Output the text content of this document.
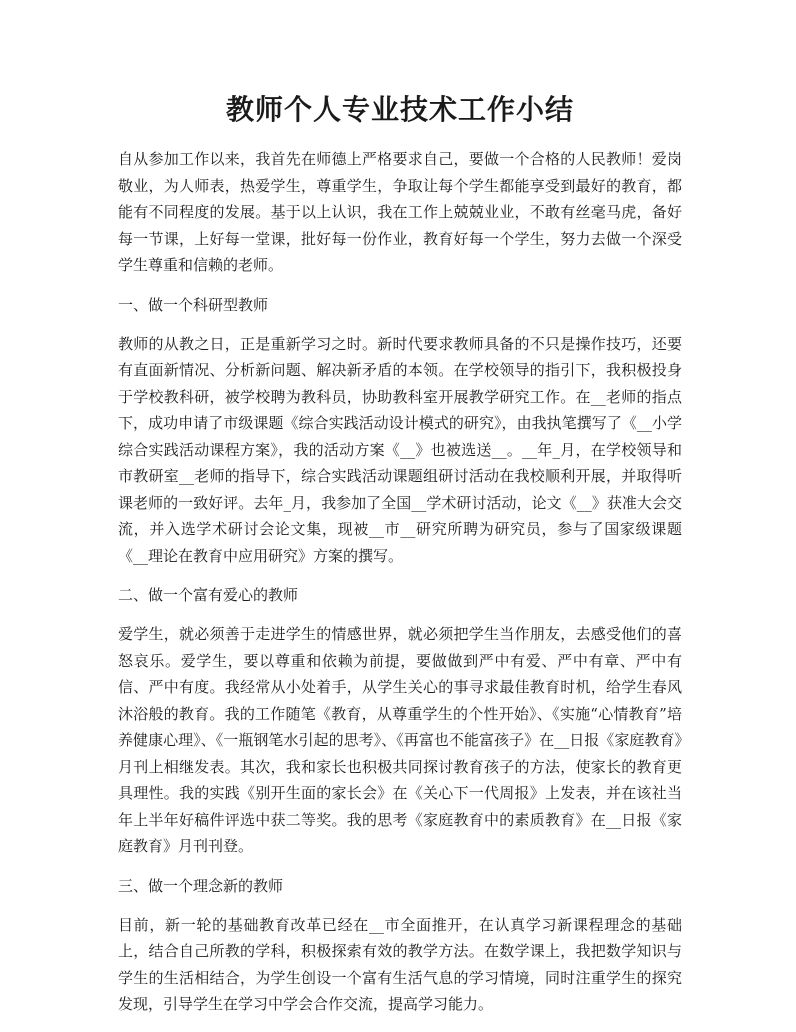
教师个人专业技术工作小结

自从参加工作以来，我首先在师德上严格要求自己，要做一个合格的人民教师！爱岗敬业，为人师表，热爱学生，尊重学生，争取让每个学生都能享受到最好的教育，都能有不同程度的发展。基于以上认识，我在工作上兢兢业业，不敢有丝毫马虎，备好每一节课，上好每一堂课，批好每一份作业，教育好每一个学生，努力去做一个深受学生尊重和信赖的老师。

一、做一个科研型教师

教师的从教之日，正是重新学习之时。新时代要求教师具备的不只是操作技巧，还要有直面新情况、分析新问题、解决新矛盾的本领。在学校领导的指引下，我积极投身于学校教科研，被学校聘为教科员，协助教科室开展教学研究工作。在__老师的指点下，成功申请了市级课题《综合实践活动设计模式的研究》，由我执笔撰写了《__小学综合实践活动课程方案》，我的活动方案《__》也被选送__。__年_月，在学校领导和市教研室__老师的指导下，综合实践活动课题组研讨活动在我校顺利开展，并取得听课老师的一致好评。去年_月，我参加了全国__学术研讨活动，论文《__》获准大会交流，并入选学术研讨会论文集，现被__市__研究所聘为研究员，参与了国家级课题《__理论在教育中应用研究》方案的撰写。

二、做一个富有爱心的教师

爱学生，就必须善于走进学生的情感世界，就必须把学生当作朋友，去感受他们的喜怒哀乐。爱学生，要以尊重和依赖为前提，要做做到严中有爱、严中有章、严中有信、严中有度。我经常从小处着手，从学生关心的事寻求最佳教育时机，给学生春风沐浴般的教育。我的工作随笔《教育，从尊重学生的个性开始》、《实施“心情教育”培养健康心理》、《一瓶钢笔水引起的思考》、《再富也不能富孩子》在__日报《家庭教育》月刊上相继发表。其次，我和家长也积极共同探讨教育孩子的方法，使家长的教育更具理性。我的实践《别开生面的家长会》在《关心下一代周报》上发表，并在该社当年上半年好稿件评选中获二等奖。我的思考《家庭教育中的素质教育》在__日报《家庭教育》月刊刊登。

三、做一个理念新的教师

目前，新一轮的基础教育改革已经在__市全面推开，在认真学习新课程理念的基础上，结合自己所教的学科，积极探索有效的教学方法。在数学课上，我把数学知识与学生的生活相结合，为学生创设一个富有生活气息的学习情境，同时注重学生的探究发现，引导学生在学习中学会合作交流，提高学习能力。
